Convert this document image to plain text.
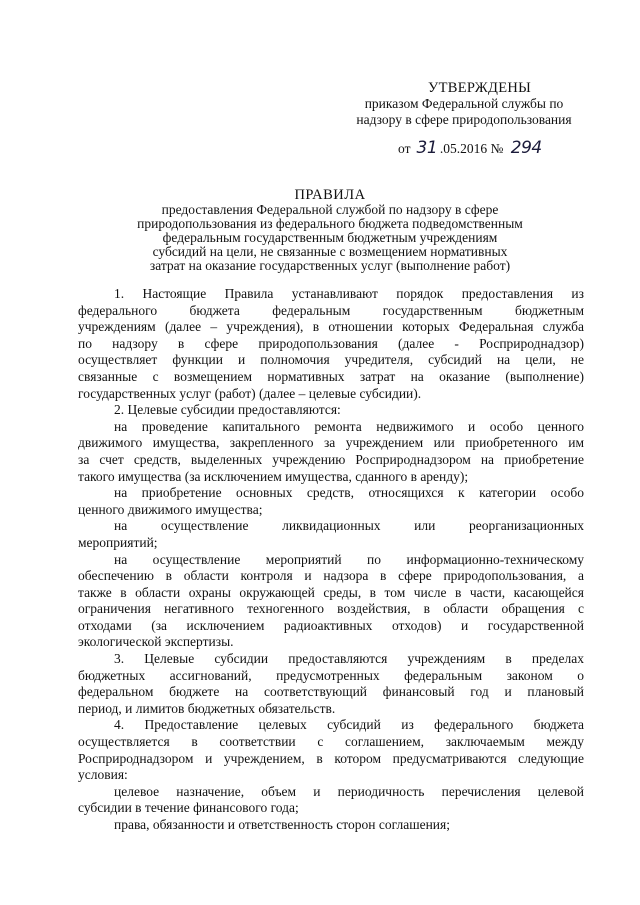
УТВЕРЖДЕНЫ
приказом Федеральной службы по
надзору в сфере природопользования
от 31 .05.2016 № 294
ПРАВИЛА
предоставления Федеральной службой по надзору в сфере
природопользования из федерального бюджета подведомственным
федеральным государственным бюджетным учреждениям
субсидий на цели, не связанные с возмещением нормативных
затрат на оказание государственных услуг (выполнение работ)
1. Настоящие Правила устанавливают порядок предоставления из
федерального бюджета федеральным государственным бюджетным
учреждениям (далее – учреждения), в отношении которых Федеральная служба
по надзору в сфере природопользования (далее - Росприроднадзор)
осуществляет функции и полномочия учредителя, субсидий на цели, не
связанные с возмещением нормативных затрат на оказание (выполнение)
государственных услуг (работ) (далее – целевые субсидии).
2. Целевые субсидии предоставляются:
на проведение капитального ремонта недвижимого и особо ценного
движимого имущества, закрепленного за учреждением или приобретенного им
за счет средств, выделенных учреждению Росприроднадзором на приобретение
такого имущества (за исключением имущества, сданного в аренду);
на приобретение основных средств, относящихся к категории особо
ценного движимого имущества;
на осуществление ликвидационных или реорганизационных
мероприятий;
на осуществление мероприятий по информационно-техническому
обеспечению в области контроля и надзора в сфере природопользования, а
также в области охраны окружающей среды, в том числе в части, касающейся
ограничения негативного техногенного воздействия, в области обращения с
отходами (за исключением радиоактивных отходов) и государственной
экологической экспертизы.
3. Целевые субсидии предоставляются учреждениям в пределах
бюджетных ассигнований, предусмотренных федеральным законом о
федеральном бюджете на соответствующий финансовый год и плановый
период, и лимитов бюджетных обязательств.
4. Предоставление целевых субсидий из федерального бюджета
осуществляется в соответствии с соглашением, заключаемым между
Росприроднадзором и учреждением, в котором предусматриваются следующие
условия:
целевое назначение, объем и периодичность перечисления целевой
субсидии в течение финансового года;
права, обязанности и ответственность сторон соглашения;
